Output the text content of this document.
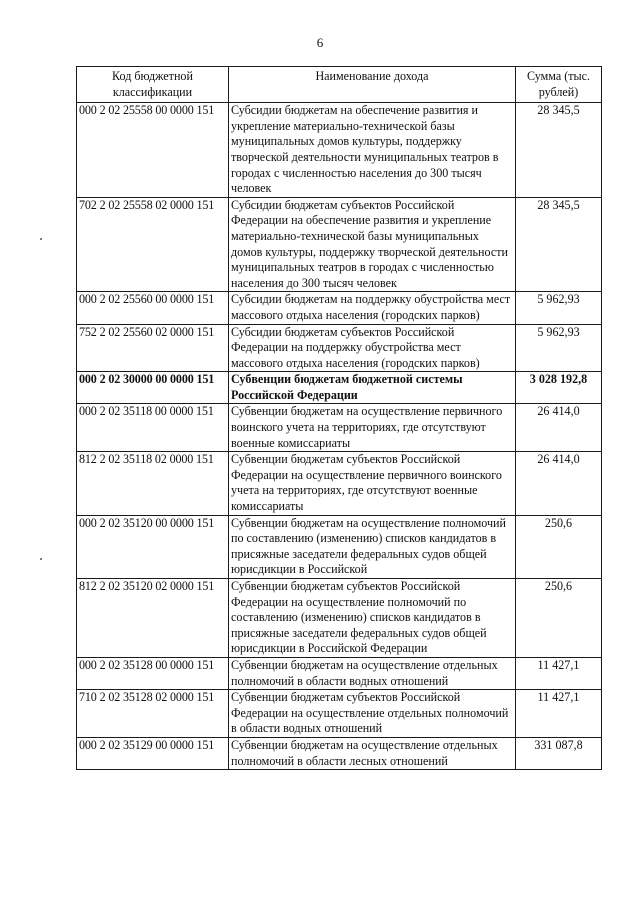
6
Код бюджетной классификации	Наименование дохода	Сумма (тыс. рублей)
000 2 02 25558 00 0000 151	Субсидии бюджетам на обеспечение развития и укрепление материально-технической базы муниципальных домов культуры, поддержку творческой деятельности муниципальных театров в городах с численностью населения до 300 тысяч человек	28 345,5
702 2 02 25558 02 0000 151	Субсидии бюджетам субъектов Российской Федерации на обеспечение развития и укрепление материально-технической базы муниципальных домов культуры, поддержку творческой деятельности муниципальных театров в городах с численностью населения до 300 тысяч человек	28 345,5
000 2 02 25560 00 0000 151	Субсидии бюджетам на поддержку обустройства мест массового отдыха населения (городских парков)	5 962,93
752 2 02 25560 02 0000 151	Субсидии бюджетам субъектов Российской Федерации на поддержку обустройства мест массового отдыха населения (городских парков)	5 962,93
000 2 02 30000 00 0000 151	Субвенции бюджетам бюджетной системы Российской Федерации	3 028 192,8
000 2 02 35118 00 0000 151	Субвенции бюджетам на осуществление первичного воинского учета на территориях, где отсутствуют военные комиссариаты	26 414,0
812 2 02 35118 02 0000 151	Субвенции бюджетам субъектов Российской Федерации на осуществление первичного воинского учета на территориях, где отсутствуют военные комиссариаты	26 414,0
000 2 02 35120 00 0000 151	Субвенции бюджетам на осуществление полномочий по составлению (изменению) списков кандидатов в присяжные заседатели федеральных судов общей юрисдикции в Российской	250,6
812 2 02 35120 02 0000 151	Субвенции бюджетам субъектов Российской Федерации на осуществление полномочий по составлению (изменению) списков кандидатов в присяжные заседатели федеральных судов общей юрисдикции в Российской Федерации	250,6
000 2 02 35128 00 0000 151	Субвенции бюджетам на осуществление отдельных полномочий в области водных отношений	11 427,1
710 2 02 35128 02 0000 151	Субвенции бюджетам субъектов Российской Федерации на осуществление отдельных полномочий в области водных отношений	11 427,1
000 2 02 35129 00 0000 151	Субвенции бюджетам на осуществление отдельных полномочий в области лесных отношений	331 087,8
